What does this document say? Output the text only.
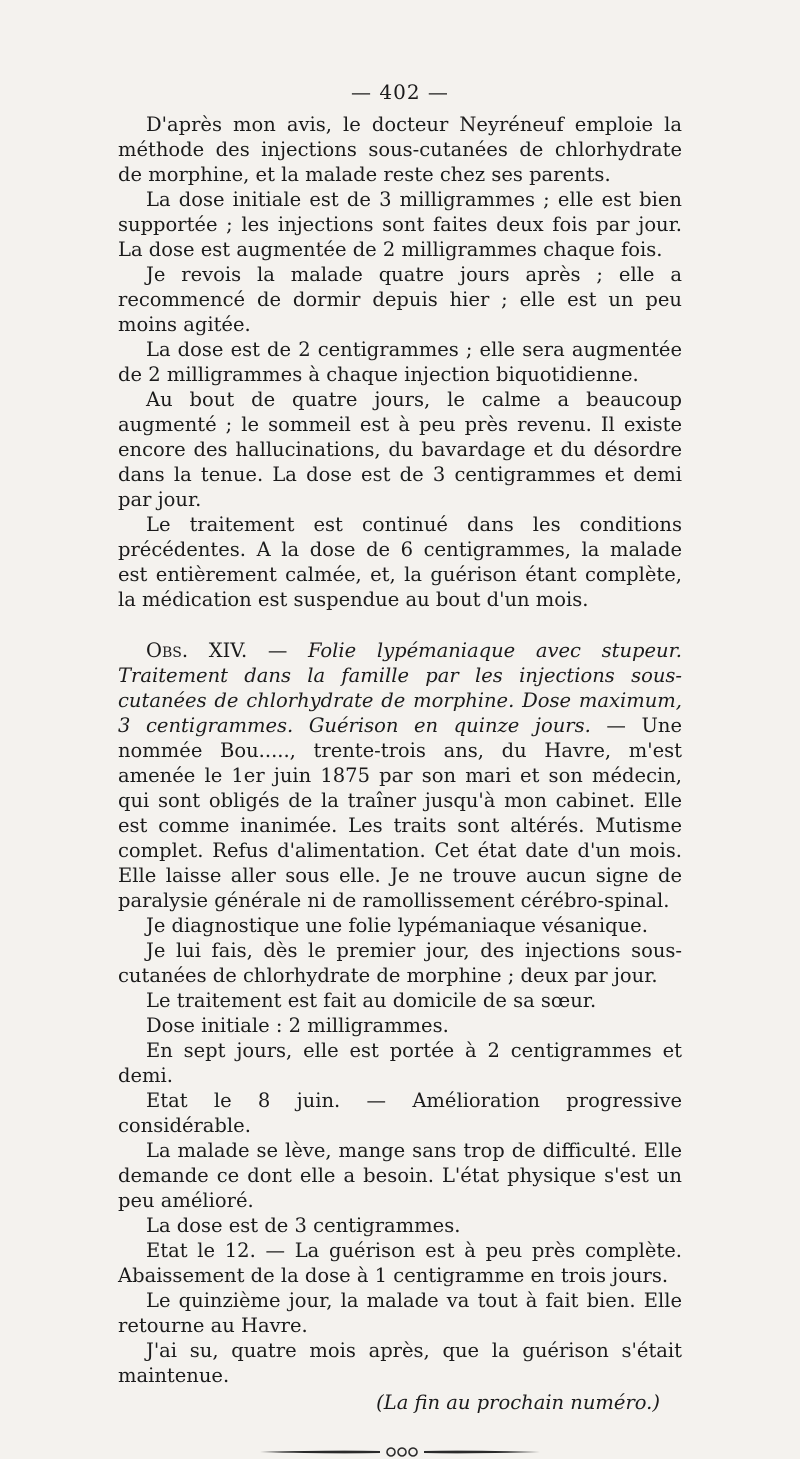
— 402 —

D'après mon avis, le docteur Neyréneuf emploie la méthode des injections sous-cutanées de chlorhydrate de morphine, et la malade reste chez ses parents.

La dose initiale est de 3 milligrammes ; elle est bien supportée ; les injections sont faites deux fois par jour. La dose est augmentée de 2 milligrammes chaque fois.

Je revois la malade quatre jours après ; elle a recommencé de dormir depuis hier ; elle est un peu moins agitée.

La dose est de 2 centigrammes ; elle sera augmentée de 2 milligrammes à chaque injection biquotidienne.

Au bout de quatre jours, le calme a beaucoup augmenté ; le sommeil est à peu près revenu. Il existe encore des hallucinations, du bavardage et du désordre dans la tenue. La dose est de 3 centigrammes et demi par jour.

Le traitement est continué dans les conditions précédentes. A la dose de 6 centigrammes, la malade est entièrement calmée, et, la guérison étant complète, la médication est suspendue au bout d'un mois.

Obs. XIV. — Folie lypémaniaque avec stupeur. Traitement dans la famille par les injections sous-cutanées de chlorhydrate de morphine. Dose maximum, 3 centigrammes. Guérison en quinze jours. — Une nommée Bou....., trente-trois ans, du Havre, m'est amenée le 1er juin 1875 par son mari et son médecin, qui sont obligés de la traîner jusqu'à mon cabinet. Elle est comme inanimée. Les traits sont altérés. Mutisme complet. Refus d'alimentation. Cet état date d'un mois. Elle laisse aller sous elle. Je ne trouve aucun signe de paralysie générale ni de ramollissement cérébro-spinal.

Je diagnostique une folie lypémaniaque vésanique.

Je lui fais, dès le premier jour, des injections sous-cutanées de chlorhydrate de morphine ; deux par jour.

Le traitement est fait au domicile de sa sœur.

Dose initiale : 2 milligrammes.

En sept jours, elle est portée à 2 centigrammes et demi.

Etat le 8 juin. — Amélioration progressive considérable.

La malade se lève, mange sans trop de difficulté. Elle demande ce dont elle a besoin. L'état physique s'est un peu amélioré.

La dose est de 3 centigrammes.

Etat le 12. — La guérison est à peu près complète. Abaissement de la dose à 1 centigramme en trois jours.

Le quinzième jour, la malade va tout à fait bien. Elle retourne au Havre.

J'ai su, quatre mois après, que la guérison s'était maintenue.

(La fin au prochain numéro.)
